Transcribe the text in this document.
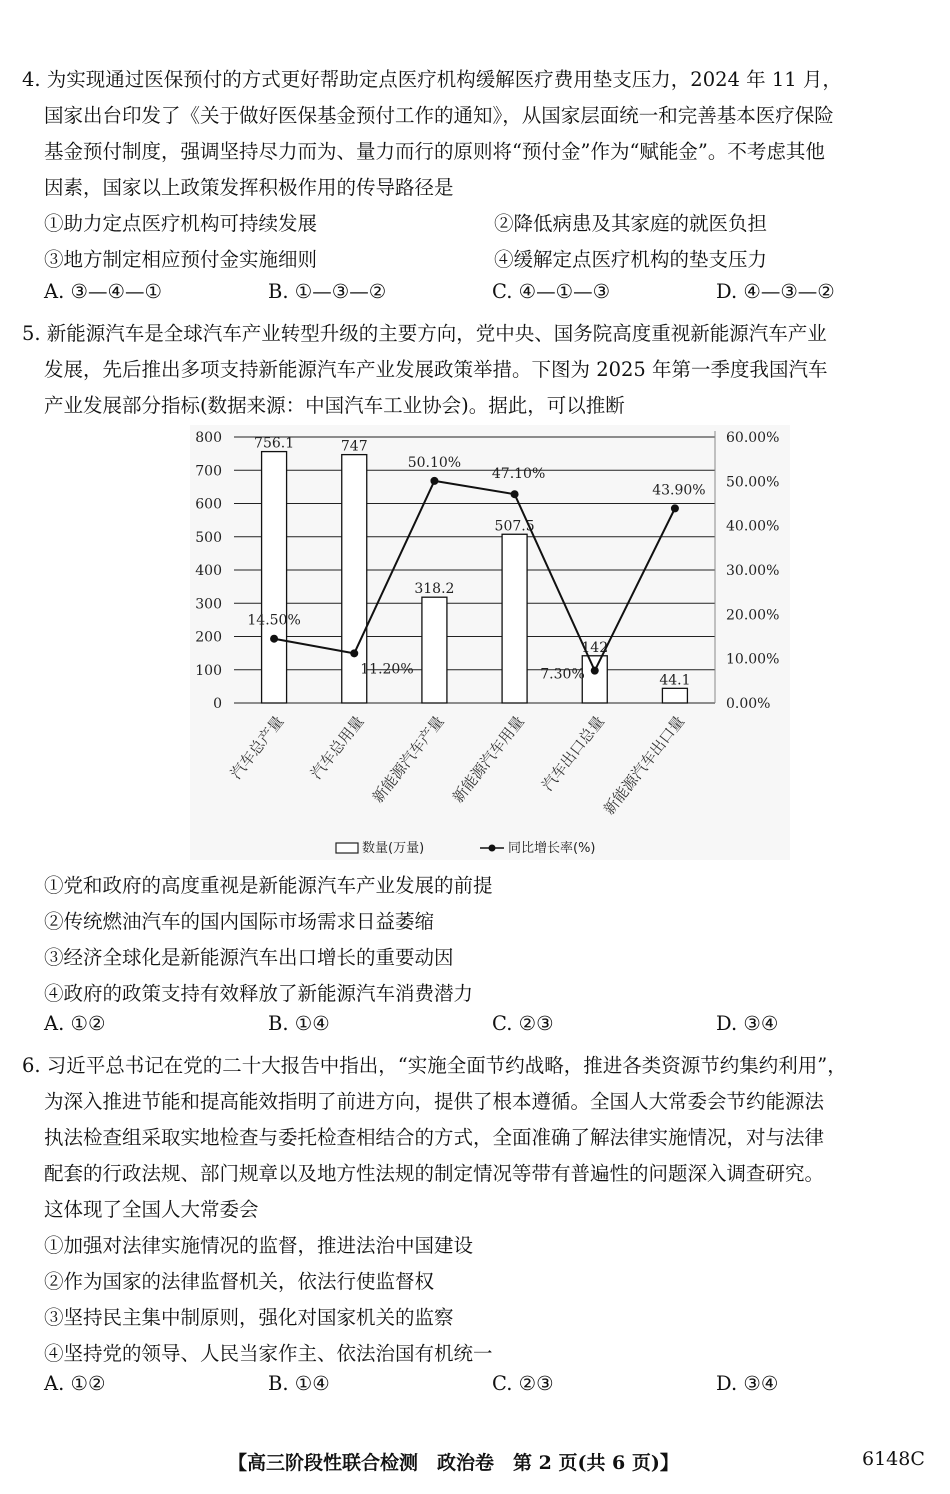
4. 为实现通过医保预付的方式更好帮助定点医疗机构缓解医疗费用垫支压力，2024 年 11 月，
国家出台印发了《关于做好医保基金预付工作的通知》，从国家层面统一和完善基本医疗保险
基金预付制度，强调坚持尽力而为、量力而行的原则将“预付金”作为“赋能金”。不考虑其他
因素，国家以上政策发挥积极作用的传导路径是
①助力定点医疗机构可持续发展	②降低病患及其家庭的就医负担
③地方制定相应预付金实施细则	④缓解定点医疗机构的垫支压力
A. ③—④—①	B. ①—③—②	C. ④—①—③	D. ④—③—②
5. 新能源汽车是全球汽车产业转型升级的主要方向，党中央、国务院高度重视新能源汽车产业
发展，先后推出多项支持新能源汽车产业发展政策举措。下图为 2025 年第一季度我国汽车
产业发展部分指标(数据来源：中国汽车工业协会)。据此，可以推断
0
100
200
300
400
500
600
700
800
0.00%
10.00%
20.00%
30.00%
40.00%
50.00%
60.00%
756.1	747
318.2
507.5
142
44.1
14.50%
11.20%
50.10%
47.10%
7.30%
43.90%
汽车总产量 汽车总用量 新能源汽车产量 新能源汽车用量 汽车出口总量
新能源汽车出口量
数量(万量)	同比增长率(%)
①党和政府的高度重视是新能源汽车产业发展的前提
②传统燃油汽车的国内国际市场需求日益萎缩
③经济全球化是新能源汽车出口增长的重要动因
④政府的政策支持有效释放了新能源汽车消费潜力
A. ①②	B. ①④	C. ②③	D. ③④
6. 习近平总书记在党的二十大报告中指出，“实施全面节约战略，推进各类资源节约集约利用”，
为深入推进节能和提高能效指明了前进方向，提供了根本遵循。全国人大常委会节约能源法
执法检查组采取实地检查与委托检查相结合的方式，全面准确了解法律实施情况，对与法律
配套的行政法规、部门规章以及地方性法规的制定情况等带有普遍性的问题深入调查研究。
这体现了全国人大常委会
①加强对法律实施情况的监督，推进法治中国建设
②作为国家的法律监督机关，依法行使监督权
③坚持民主集中制原则，强化对国家机关的监察
④坚持党的领导、人民当家作主、依法治国有机统一
A. ①②	B. ①④	C. ②③	D. ③④
【高三阶段性联合检测　政治卷　第 2 页(共 6 页)】	6148C
